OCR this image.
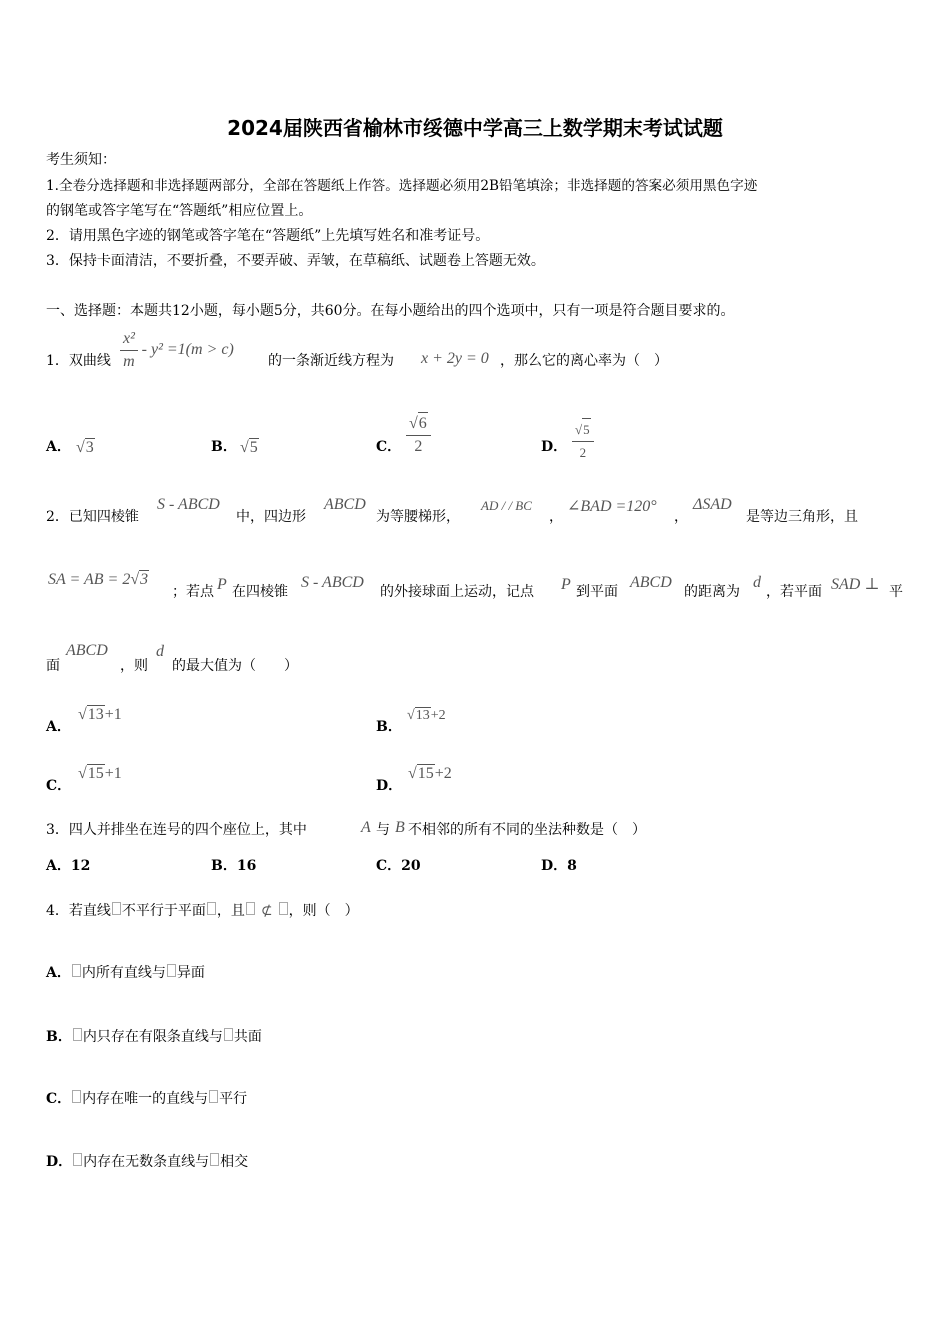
2024届陕西省榆林市绥德中学高三上数学期末考试试题
考生须知：
1.全卷分选择题和非选择题两部分，全部在答题纸上作答。选择题必须用2B铅笔填涂；非选择题的答案必须用黑色字迹
的钢笔或答字笔写在“答题纸”相应位置上。
2．请用黑色字迹的钢笔或答字笔在“答题纸”上先填写姓名和准考证号。
3．保持卡面清洁，不要折叠，不要弄破、弄皱，在草稿纸、试题卷上答题无效。
一、选择题：本题共12小题，每小题5分，共60分。在每小题给出的四个选项中，只有一项是符合题目要求的。
1．双曲线 $\frac{\text{x²}}{m} - y^2 =1(m > c)$
的一条渐近线方程为 x + 2y = 0 ，那么它的离心率为（　）
A． √3	B． √5	C． $\frac{√6}{2}$	D． $\frac{√5}{2}$
2．已知四棱锥
S - ABCD
中，四边形
ABCD
为等腰梯形，
AD / / BC
，
∠BAD =120°
，
ΔSAD
是等边三角形，且
SA = AB = 2√3
；若点 P 在四棱锥
S - ABCD
的外接球面上运动，记点 P 到平面
ABCD
的距离为
d
，若平面 SAD ⊥ 平
面
ABCD
，则
d
的最大值为（　　）
A．
√13+1
B．
√13+2
C．
√15+1
D．
√15+2
3．四人并排坐在连号的四个座位上，其中	A 与 B 不相邻的所有不同的坐法种数是（　）
A．12	B．16	C．20	D．8
4．若直线 不平行于平面 ，且 ⊄ ，则（　）
A． 内所有直线与 异面
B． 内只存在有限条直线与 共面
C． 内存在唯一的直线与 平行
D． 内存在无数条直线与 相交
